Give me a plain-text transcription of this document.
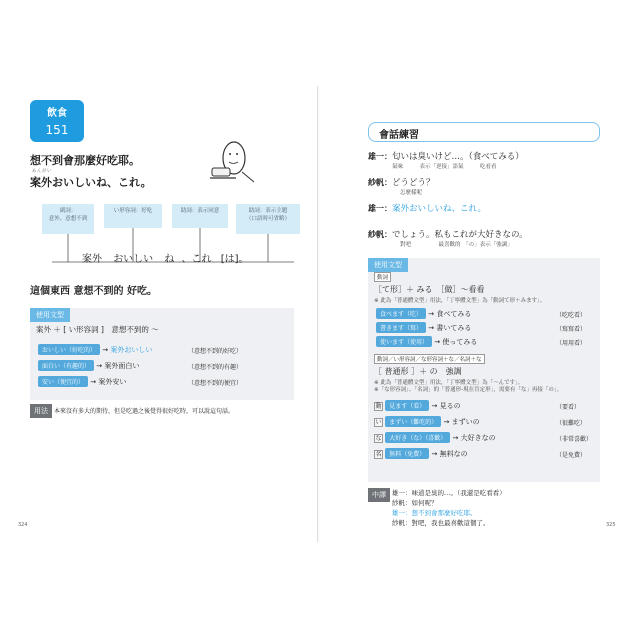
飲食
151
想不到會那麼好吃耶。
あんがい
案外おいしいね、これ。
副詞：
意外、意想不到
い形容詞：好吃	助詞：表示同意	助詞：表示主題
（口語時可省略）
案外 おいしい ね 、これ [は]。
這個東西 意想不到的 好吃。
使用文型
案外 ＋ [ い形容詞 ]　意想不到的 ～
おいしい（好吃的） → 案外おいしい	（意想不到的好吃）
面白い（有趣的） → 案外面白い	（意想不到的有趣）
安い（便宜的） → 案外安い	（意想不到的便宜）
用法	本來沒有多大的期待，但是吃過之後覺得很好吃時，可以說這句話。
324
會話練習
雄一：匂いは臭いけど…。（食べてみる）
氣味　　　表示「逆接」語氣　　　吃看看
紗帆：どうどう？
怎麼樣呢
雄一：案外おいしいね、これ。
紗帆：でしょう。私もこれが大好きなの。
對吧　　　　　最喜歡的　「の」表示「強調」
使用文型
動詞
［て形］＋ みる　［做］～看看
※ 此為「普通體文型」用法，「丁寧體文型」為「動詞て形＋みます」。
食べます（吃） → 食べてみる	（吃吃看）
書きます（寫） → 書いてみる	（寫寫看）
使います（使用） → 使ってみる	（用用看）
動詞／い形容詞／な形容詞＋な／名詞＋な
［ 普通形 ］＋ の　強調
※ 此為「普通體文型」用法，「丁寧體文型」為「～んです」。
※「な形容詞」、「名詞」的「普通形-現在肯定形」，需要有「な」再接「の」。
動 見ます（看） → 見るの	（要看）
い まずい（難吃的） → まずいの	（很難吃）
な 大好き（な）（喜歡） → 大好きなの	（非常喜歡）
名 無料（免費） → 無料なの	（是免費）
中譯 雄一：味道是臭的…。（我還是吃看看）
紗帆：如何呢？
雄一：想不到會那麼好吃耶。
紗帆：對吧，我也最喜歡這個了。	325
